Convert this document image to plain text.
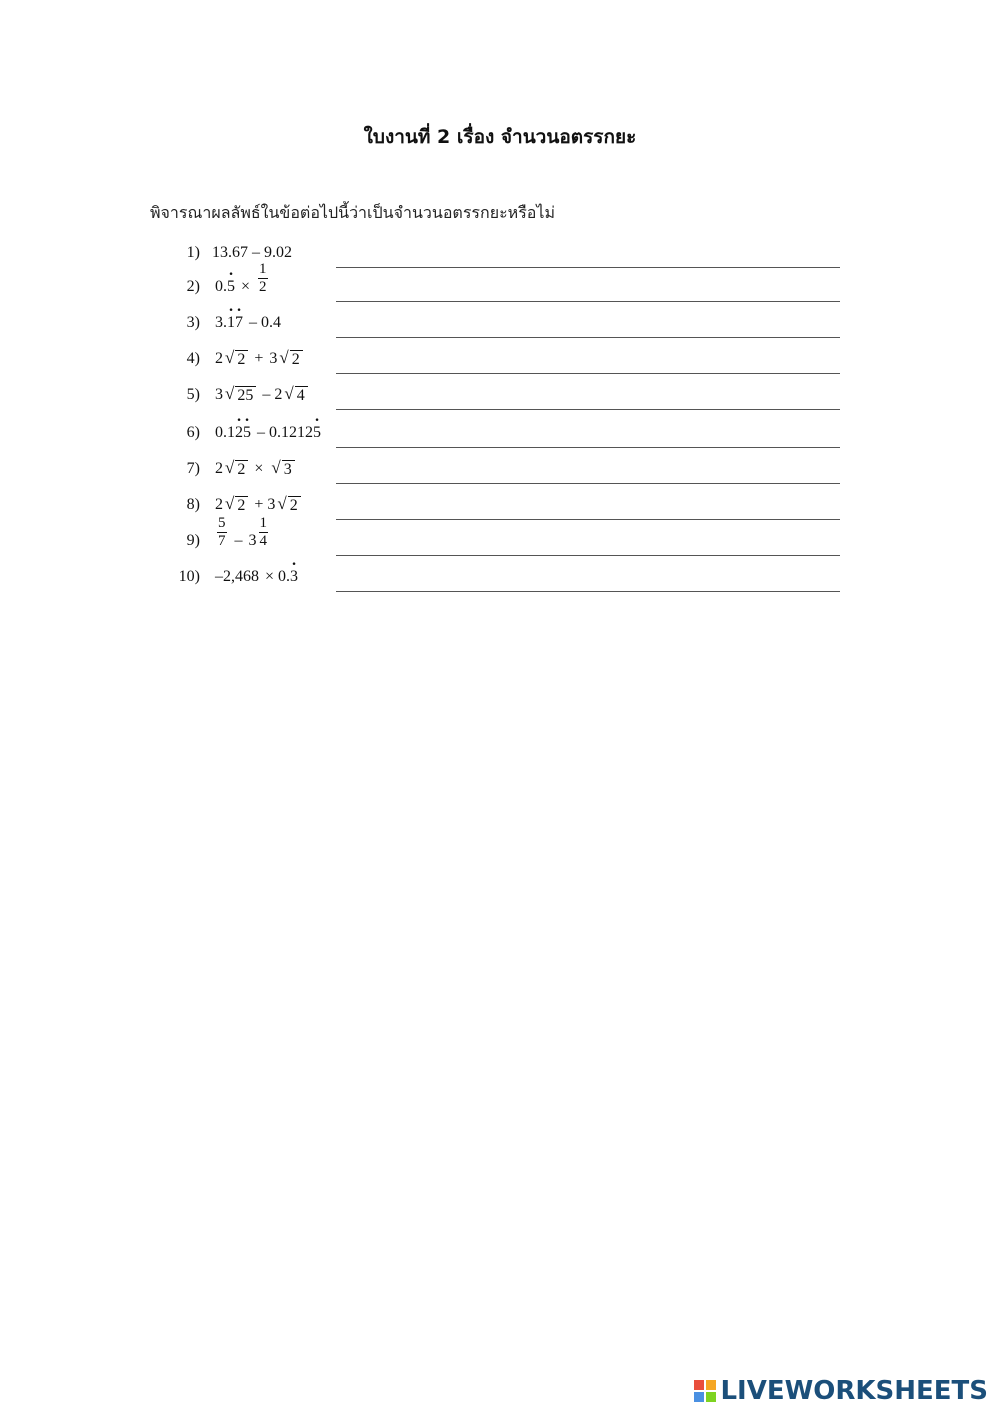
ใบงานที่ 2 เรื่อง จำนวนอตรรกยะ
พิจารณาผลลัพธ์ในข้อต่อไปนี้ว่าเป็นจำนวนอตรรกยะหรือไม่
1) 13.67 – 9.02
2) 0. · $5 \times \frac{1}{2}$
3) 3. · 1 · 7 – 0.4
4) 2 √ 2 + 3 √ 2
5) 3 √ 25 – 2 √ 4
6) 0.1 · 2 · 5 – 0.1212 · 5
7) 2 √ 2 × √ 3
8) 2 √ 2 + 3 √ 2
$9) \frac{5}{7} - 3 \frac{1}{4}$
10) –2,468 × 0. · 3
LIVEWORKSHEETS
